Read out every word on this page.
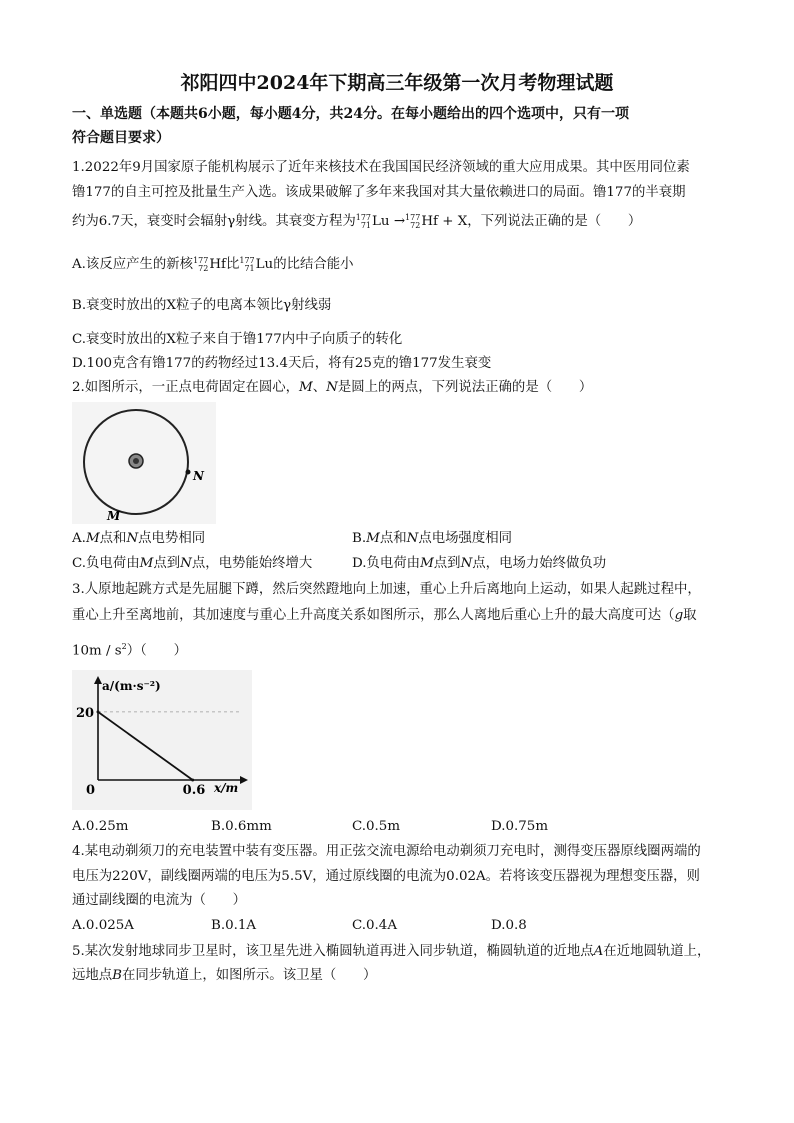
祁阳四中2024年下期高三年级第一次月考物理试题
一、单选题（本题共6小题，每小题4分，共24分。在每小题给出的四个选项中，只有一项
符合题目要求）
1.2022年9月国家原子能机构展示了近年来核技术在我国国民经济领域的重大应用成果。其中医用同位素
镥177的自主可控及批量生产入选。该成果破解了多年来我国对其大量依赖进口的局面。镥177的半衰期
约为6.7天，衰变时会辐射γ射线。其衰变方程为 177
71 Lu → 177
72 Hf + X，下列说法正确的是（　　）
A.该反应产生的新核 177
72 Hf比 177
71 Lu的比结合能小
B.衰变时放出的X粒子的电离本领比γ射线弱
C.衰变时放出的X粒子来自于镥177内中子向质子的转化
D.100克含有镥177的药物经过13.4天后，将有25克的镥177发生衰变
2.如图所示，一正点电荷固定在圆心，M、N是圆上的两点，下列说法正确的是（　　）
N
M
A.M点和N点电势相同	B.M点和N点电场强度相同
C.负电荷由M点到N点，电势能始终增大	D.负电荷由M点到N点，电场力始终做负功
3.人原地起跳方式是先屈腿下蹲，然后突然蹬地向上加速，重心上升后离地向上运动，如果人起跳过程中，
重心上升至离地前，其加速度与重心上升高度关系如图所示，那么人离地后重心上升的最大高度可达（g取
$10m / s^2$）（　　）
20
0.6
0
a/(m·s⁻²)
x/m
A.0.25m	B.0.6mm	C.0.5m	D.0.75m
4.某电动剃须刀的充电装置中装有变压器。用正弦交流电源给电动剃须刀充电时，测得变压器原线圈两端的
电压为220V，副线圈两端的电压为5.5V，通过原线圈的电流为0.02A。若将该变压器视为理想变压器，则
通过副线圈的电流为（　　）
A.0.025A	B.0.1A	C.0.4A	D.0.8
5.某次发射地球同步卫星时，该卫星先进入椭圆轨道再进入同步轨道，椭圆轨道的近地点A在近地圆轨道上，
远地点B在同步轨道上，如图所示。该卫星（　　）
